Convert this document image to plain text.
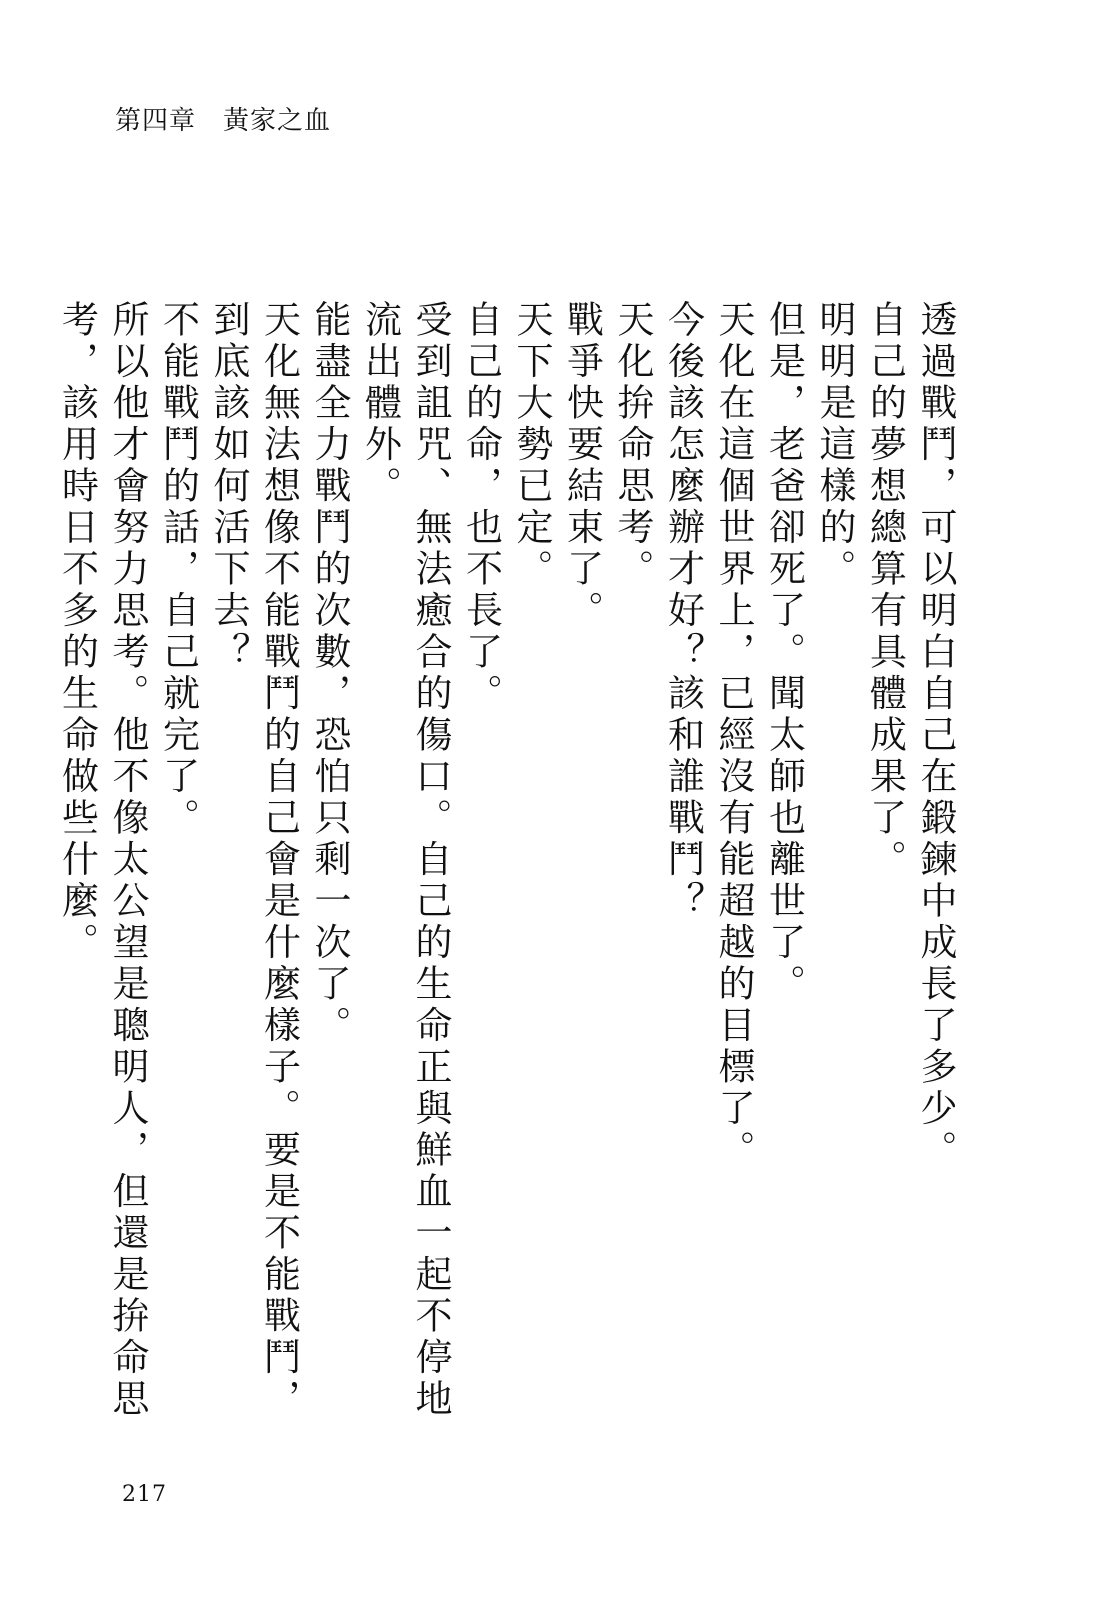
第四章　黃家之血

透過戰鬥，可以明白自己在鍛鍊中成長了多少。

自己的夢想總算有具體成果了。

明明是這樣的。

但是，老爸卻死了。聞太師也離世了。

天化在這個世界上，已經沒有能超越的目標了。

今後該怎麼辦才好？該和誰戰鬥？

天化拚命思考。

戰爭快要結束了。

天下大勢已定。

自己的命，也不長了。

受到詛咒、無法癒合的傷口。自己的生命正與鮮血一起不停地流出體外。

能盡全力戰鬥的次數，恐怕只剩一次了。

天化無法想像不能戰鬥的自己會是什麼樣子。要是不能戰鬥，到底該如何活下去？

不能戰鬥的話，自己就完了。

所以他才會努力思考。他不像太公望是聰明人，但還是拚命思考，該用時日不多的生命做些什麼。

217
